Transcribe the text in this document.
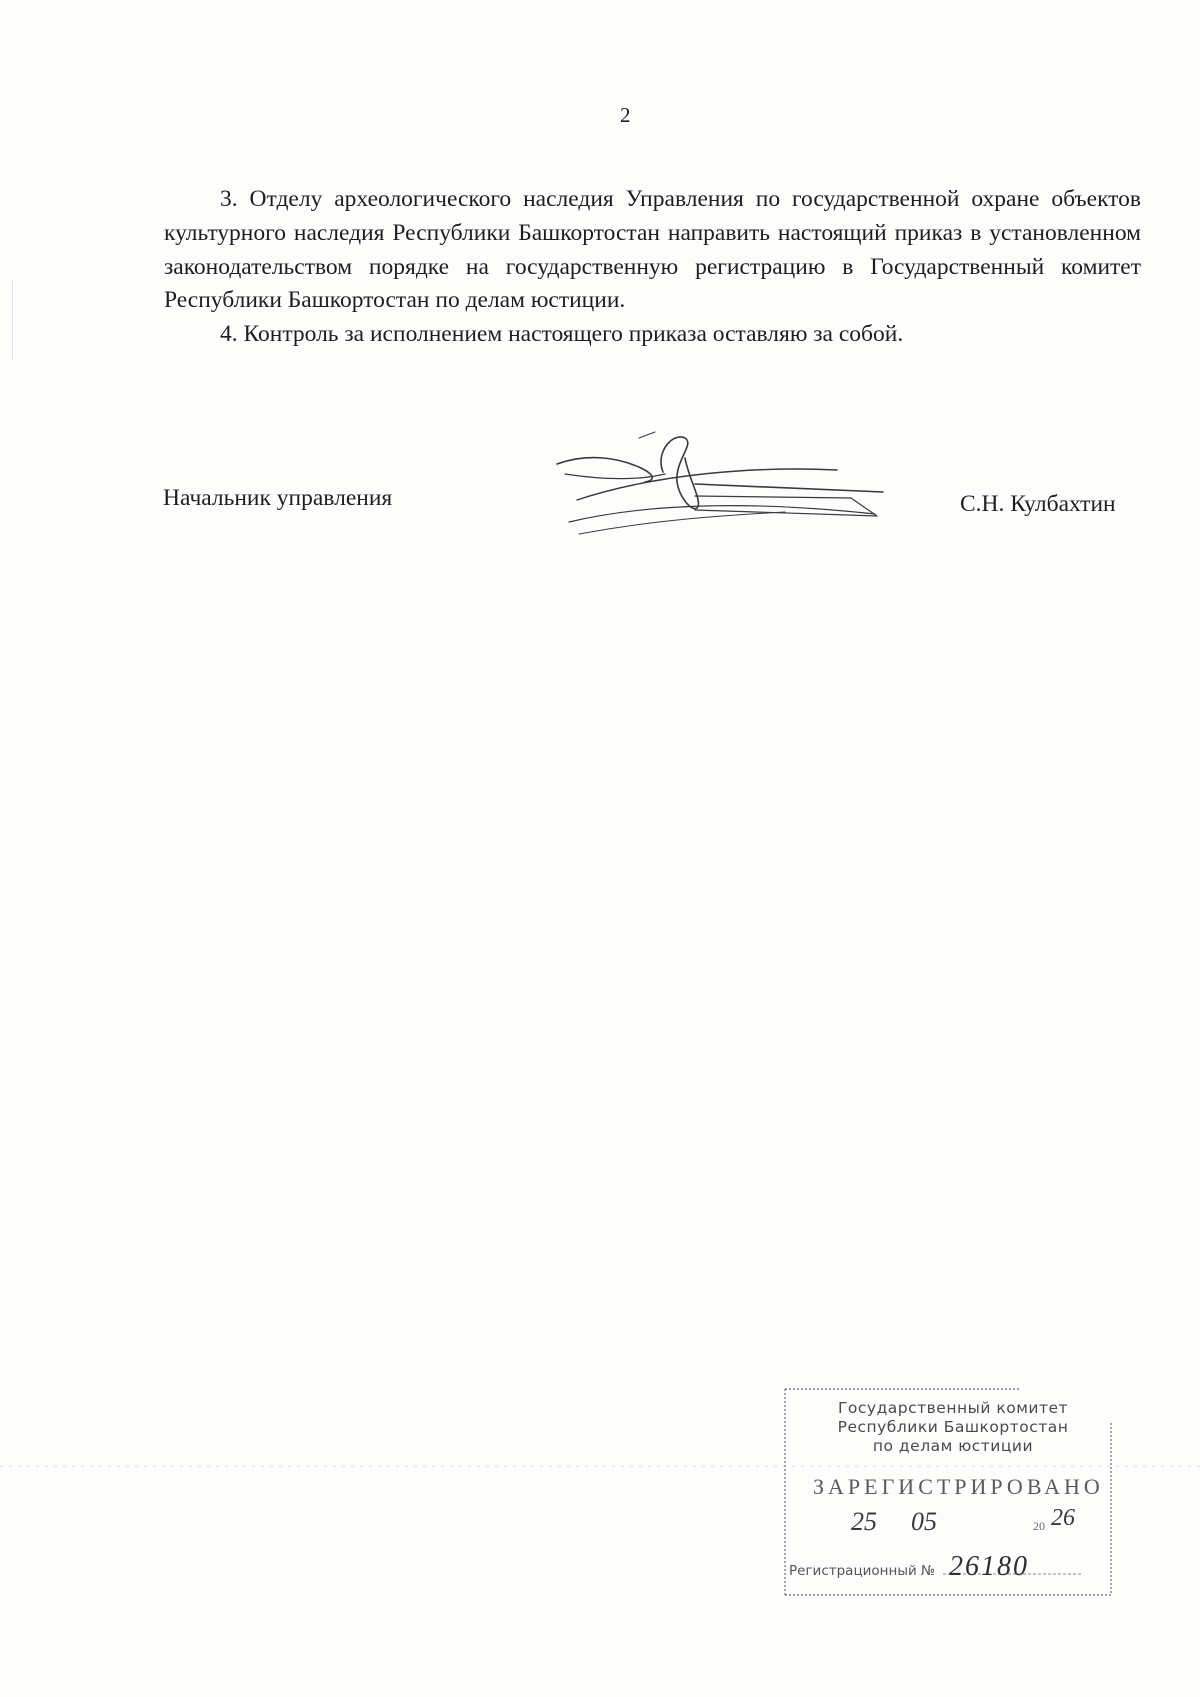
2

3. Отделу археологического наследия Управления по государственной охране объектов культурного наследия Республики Башкортостан направить настоящий приказ в установленном законодательством порядке на государственную регистрацию в Государственный комитет Республики Башкортостан по делам юстиции.

4. Контроль за исполнением настоящего приказа оставляю за собой.

Начальник управления	С.Н. Кулбахтин
Государственный комитет
Республики Башкортостан
по делам юстиции
ЗАРЕГИСТРИРОВАНО
25 05	20 26
Регистрационный № 26180
